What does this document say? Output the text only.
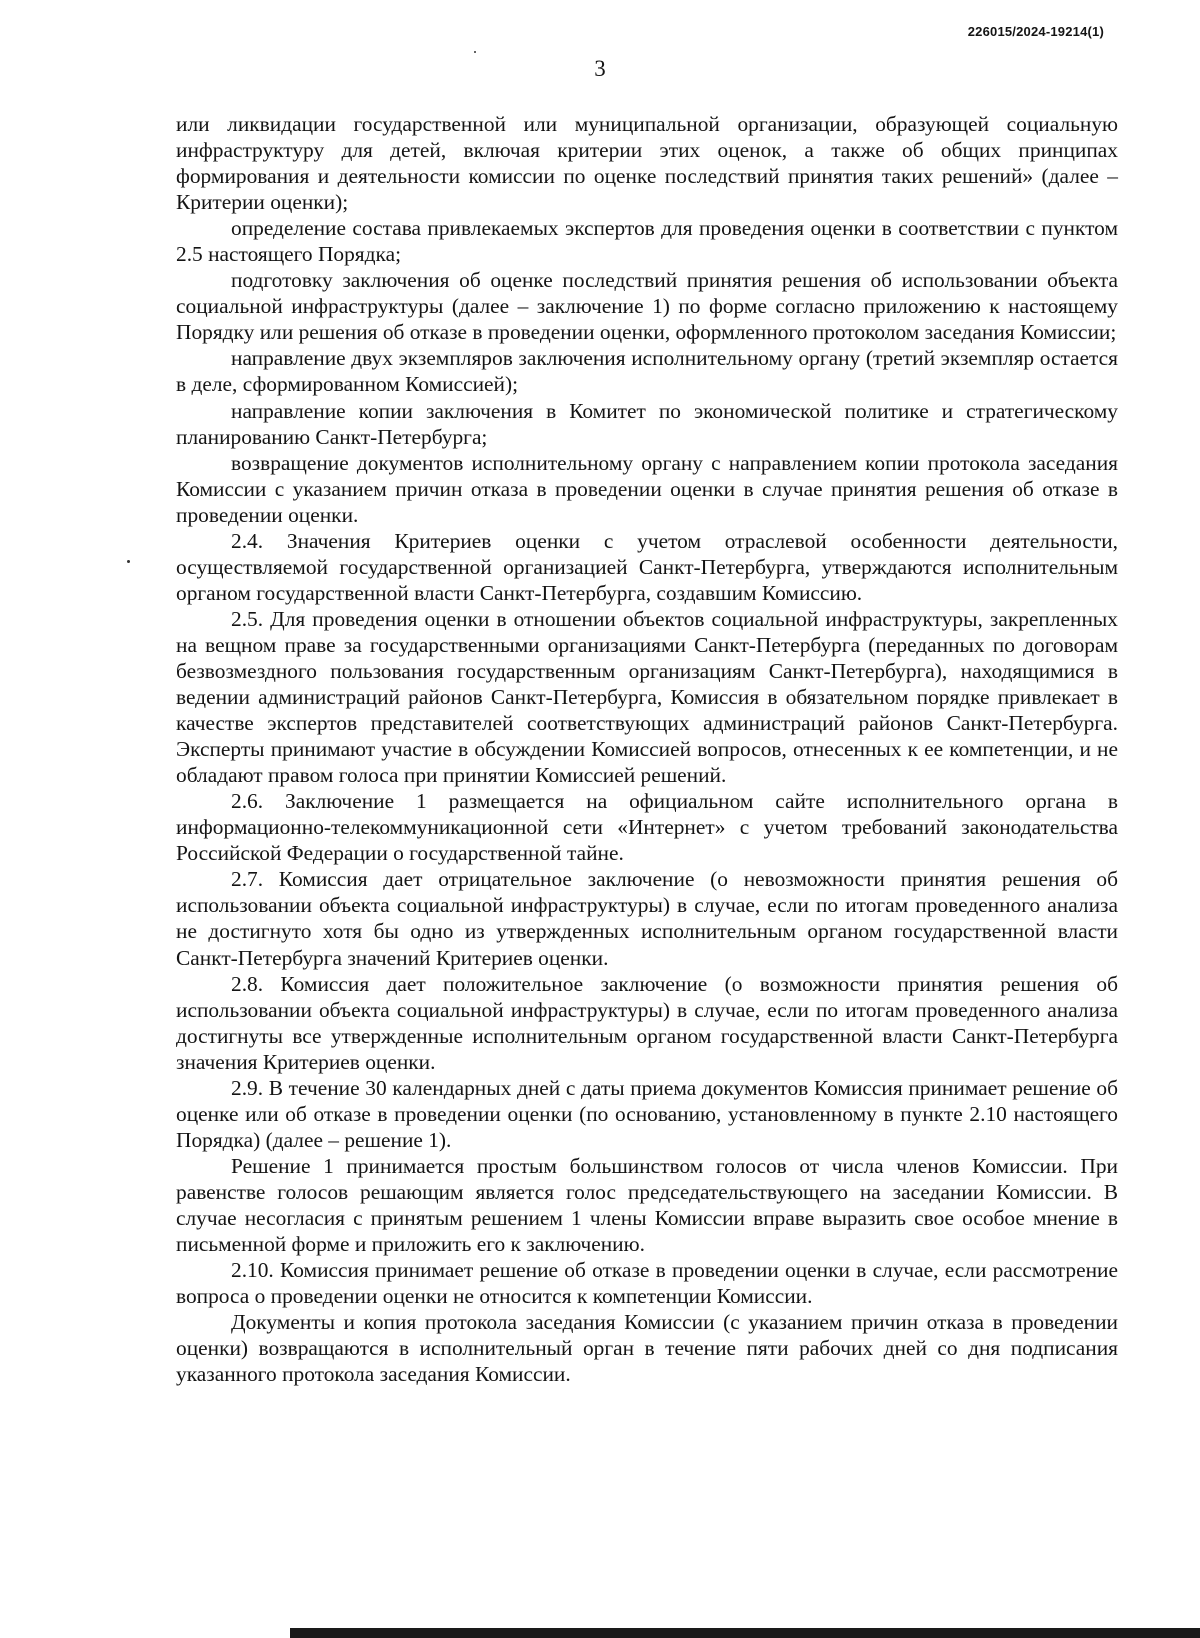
226015/2024-19214(1)
3

или ликвидации государственной или муниципальной организации, образующей социальную инфраструктуру для детей, включая критерии этих оценок, а также об общих принципах формирования и деятельности комиссии по оценке последствий принятия таких решений» (далее – Критерии оценки);

определение состава привлекаемых экспертов для проведения оценки в соответствии с пунктом 2.5 настоящего Порядка;

подготовку заключения об оценке последствий принятия решения об использовании объекта социальной инфраструктуры (далее – заключение 1) по форме согласно приложению к настоящему Порядку или решения об отказе в проведении оценки, оформленного протоколом заседания Комиссии;

направление двух экземпляров заключения исполнительному органу (третий экземпляр остается в деле, сформированном Комиссией);

направление копии заключения в Комитет по экономической политике и стратегическому планированию Санкт-Петербурга;

возвращение документов исполнительному органу с направлением копии протокола заседания Комиссии с указанием причин отказа в проведении оценки в случае принятия решения об отказе в проведении оценки.

2.4. Значения Критериев оценки с учетом отраслевой особенности деятельности, осуществляемой государственной организацией Санкт-Петербурга, утверждаются исполнительным органом государственной власти Санкт-Петербурга, создавшим Комиссию.

2.5. Для проведения оценки в отношении объектов социальной инфраструктуры, закрепленных на вещном праве за государственными организациями Санкт-Петербурга (переданных по договорам безвозмездного пользования государственным организациям Санкт-Петербурга), находящимися в ведении администраций районов Санкт-Петербурга, Комиссия в обязательном порядке привлекает в качестве экспертов представителей соответствующих администраций районов Санкт-Петербурга. Эксперты принимают участие в обсуждении Комиссией вопросов, отнесенных к ее компетенции, и не обладают правом голоса при принятии Комиссией решений.

2.6. Заключение 1 размещается на официальном сайте исполнительного органа в информационно-телекоммуникационной сети «Интернет» с учетом требований законодательства Российской Федерации о государственной тайне.

2.7. Комиссия дает отрицательное заключение (о невозможности принятия решения об использовании объекта социальной инфраструктуры) в случае, если по итогам проведенного анализа не достигнуто хотя бы одно из утвержденных исполнительным органом государственной власти Санкт-Петербурга значений Критериев оценки.

2.8. Комиссия дает положительное заключение (о возможности принятия решения об использовании объекта социальной инфраструктуры) в случае, если по итогам проведенного анализа достигнуты все утвержденные исполнительным органом государственной власти Санкт-Петербурга значения Критериев оценки.

2.9. В течение 30 календарных дней с даты приема документов Комиссия принимает решение об оценке или об отказе в проведении оценки (по основанию, установленному в пункте 2.10 настоящего Порядка) (далее – решение 1).

Решение 1 принимается простым большинством голосов от числа членов Комиссии. При равенстве голосов решающим является голос председательствующего на заседании Комиссии. В случае несогласия с принятым решением 1 члены Комиссии вправе выразить свое особое мнение в письменной форме и приложить его к заключению.

2.10. Комиссия принимает решение об отказе в проведении оценки в случае, если рассмотрение вопроса о проведении оценки не относится к компетенции Комиссии.

Документы и копия протокола заседания Комиссии (с указанием причин отказа в проведении оценки) возвращаются в исполнительный орган в течение пяти рабочих дней со дня подписания указанного протокола заседания Комиссии.
